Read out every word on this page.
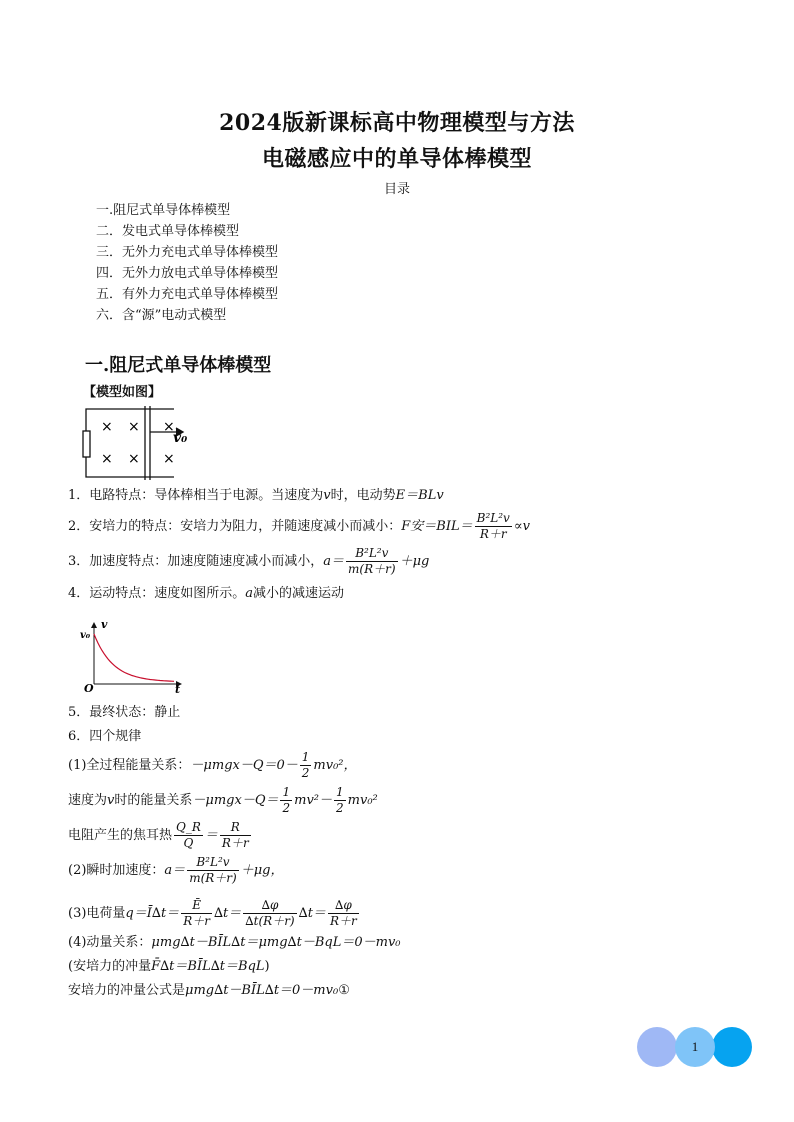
2024版新课标高中物理模型与方法
电磁感应中的单导体棒模型
目录
一.阻尼式单导体棒模型
二．发电式单导体棒模型
三．无外力充电式单导体棒模型
四．无外力放电式单导体棒模型
五．有外力充电式单导体棒模型
六．含“源”电动式模型
一.阻尼式单导体棒模型
【模型如图】
× × ×
× × ×
v₀
1．电路特点：导体棒相当于电源。当速度为v时，电动势E＝BLv
2．安培力的特点：安培力为阻力，并随速度减小而减小：F安$=BIL= \frac{\text{B²L²v}}{R+r} \propto v$
3．加速度特点：加速度随速度减小而减小，$a= \frac{\text{B²L²v}}{m(R+r)} +\mu g$
4．运动特点：速度如图所示。a减小的减速运动
v
t
O
v₀
5．最终状态：静止
6．四个规律
(1)全过程能量关系：$-\mu mgx-Q=0- \frac{1}{2} mv_0^2$，
速度为v时的能量关系$-\mu mgx-Q= \frac{1}{2} mv^2- \frac{1}{2} mv_0^2$
电阻产生的焦耳热 $\frac{Q\_R}{Q} = \frac{R}{R+r}$
(2)瞬时加速度：$a= \frac{\text{B²L²v}}{m(R+r)} +\mu g$，
(3)电荷量q＝Ī∆t＝ $\frac{Ē}{R+r} \Delta t= \frac{\Delta\varphi}{\Delta t(R+r)} \Delta t= \frac{\Delta\varphi}{R+r}$
(4)动量关系：μmg∆t－BĪL∆t＝μmg∆t－BqL＝0－mv₀
(安培力的冲量F̄∆t＝BĪL∆t＝BqL)
安培力的冲量公式是μmg∆t－BĪL∆t＝0－mv₀①
1
